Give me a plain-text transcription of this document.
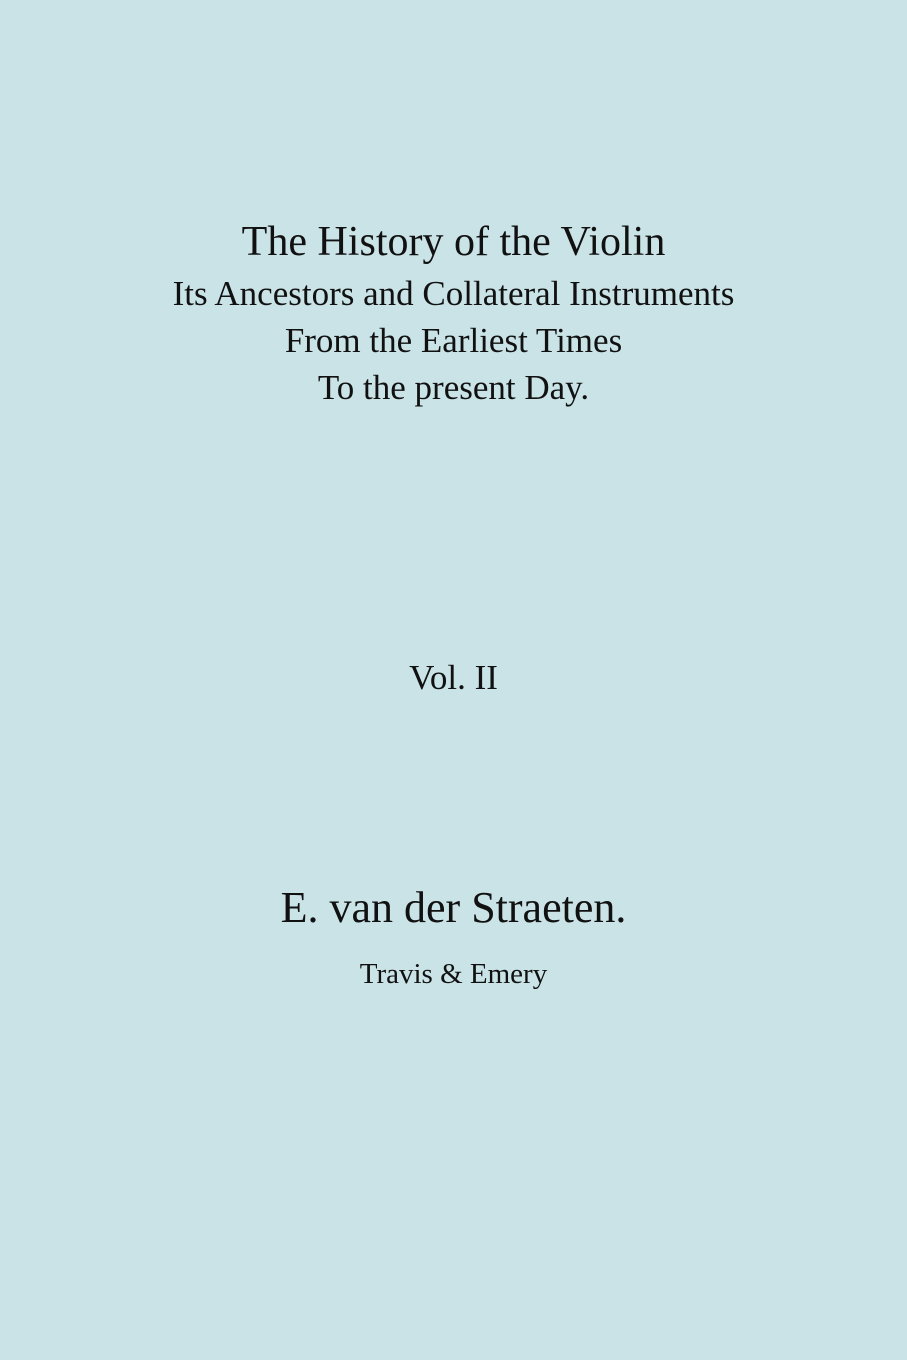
The History of the Violin
Its Ancestors and Collateral Instruments
From the Earliest Times
To the present Day.
Vol. II
E. van der Straeten.
Travis & Emery
